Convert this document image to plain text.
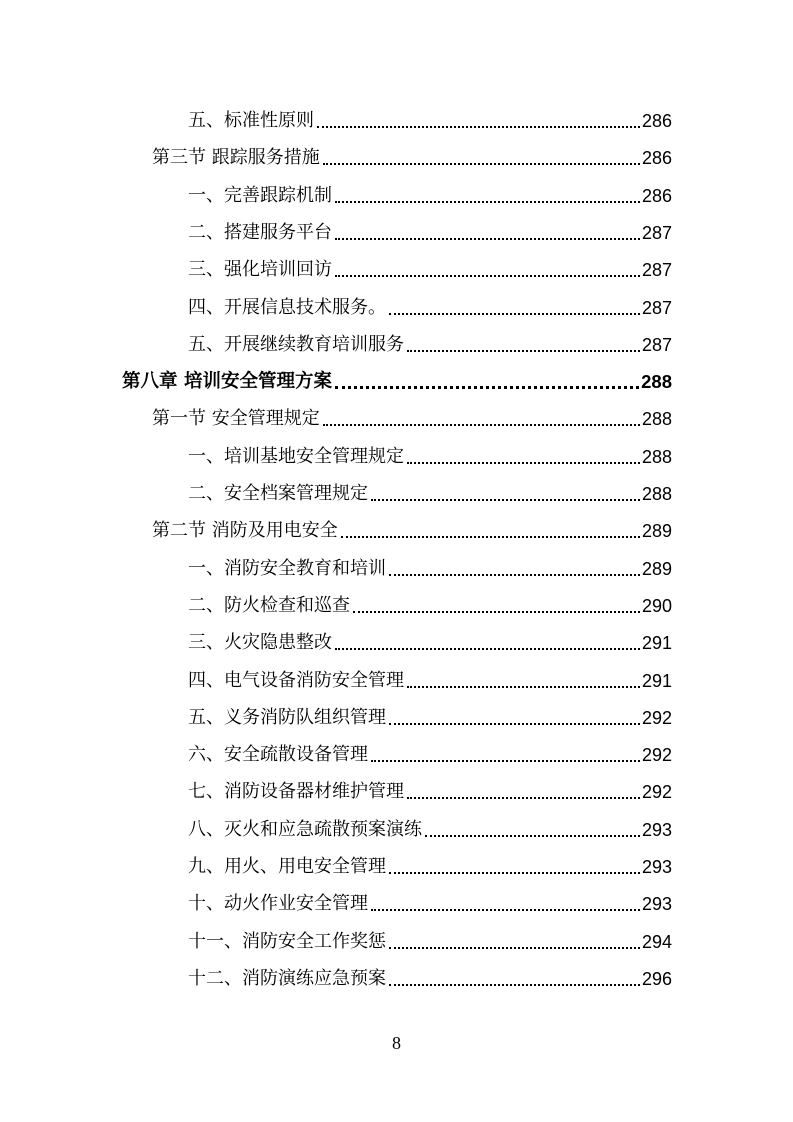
五、标准性原则	286
第三节 跟踪服务措施	286
一、完善跟踪机制	286
二、搭建服务平台	287
三、强化培训回访	287
四、开展信息技术服务。	287
五、开展继续教育培训服务	287
第八章 培训安全管理方案	288
第一节 安全管理规定	288
一、培训基地安全管理规定	288
二、安全档案管理规定	288
第二节 消防及用电安全	289
一、消防安全教育和培训	289
二、防火检查和巡查	290
三、火灾隐患整改	291
四、电气设备消防安全管理	291
五、义务消防队组织管理	292
六、安全疏散设备管理	292
七、消防设备器材维护管理	292
八、灭火和应急疏散预案演练	293
九、用火、用电安全管理	293
十、动火作业安全管理	293
十一、消防安全工作奖惩	294
十二、消防演练应急预案	296
8
